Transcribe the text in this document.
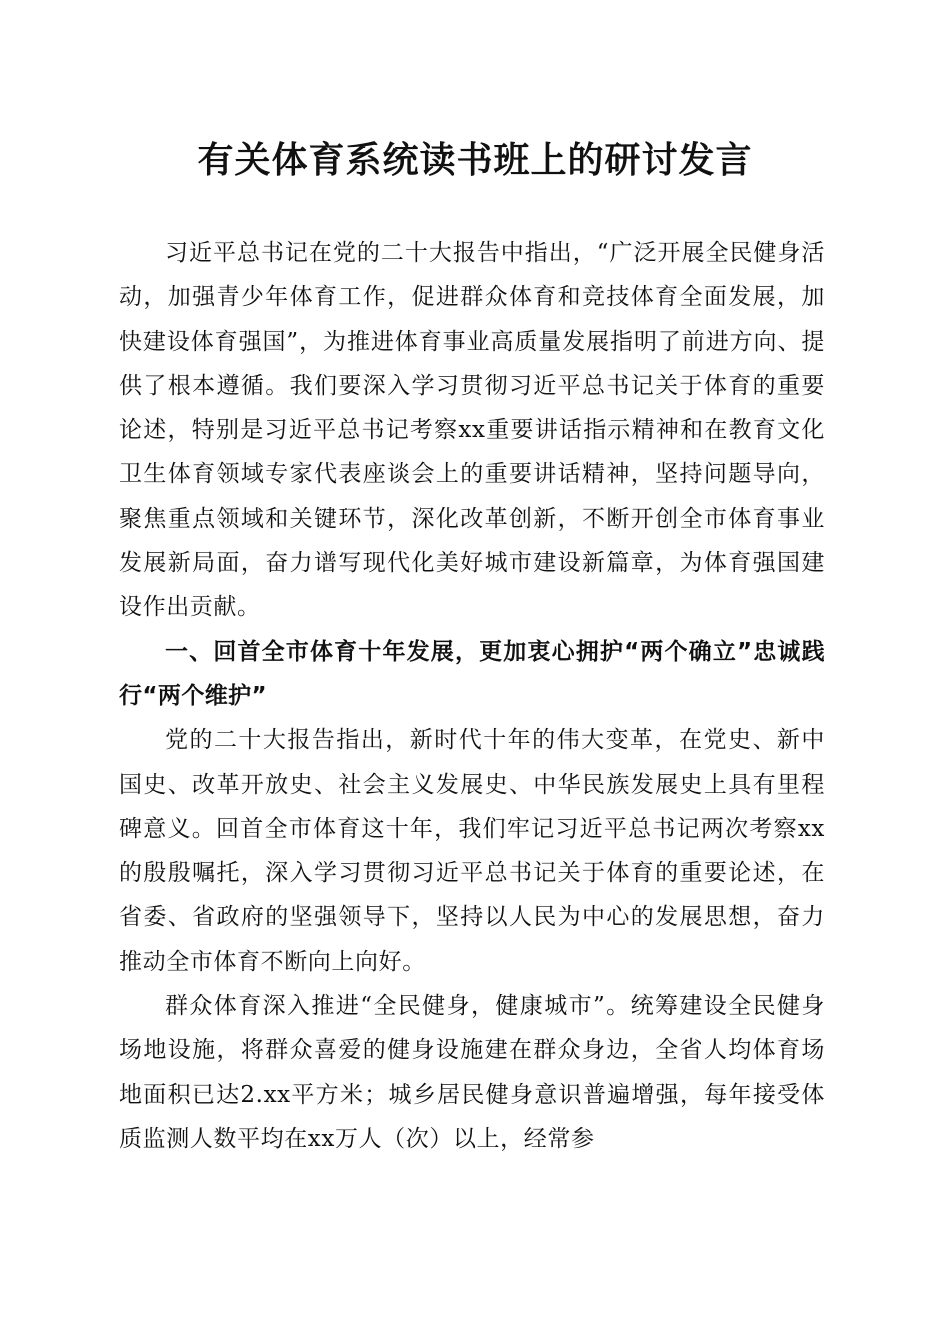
有关体育系统读书班上的研讨发言

习近平总书记在党的二十大报告中指出，“广泛开展全民健身活动，加强青少年体育工作，促进群众体育和竞技体育全面发展，加快建设体育强国”，为推进体育事业高质量发展指明了前进方向、提供了根本遵循。我们要深入学习贯彻习近平总书记关于体育的重要论述，特别是习近平总书记考察xx重要讲话指示精神和在教育文化卫生体育领域专家代表座谈会上的重要讲话精神，坚持问题导向，聚焦重点领域和关键环节，深化改革创新，不断开创全市体育事业发展新局面，奋力谱写现代化美好城市建设新篇章，为体育强国建设作出贡献。

一、回首全市体育十年发展，更加衷心拥护“两个确立”忠诚践行“两个维护”

党的二十大报告指出，新时代十年的伟大变革，在党史、新中国史、改革开放史、社会主义发展史、中华民族发展史上具有里程碑意义。回首全市体育这十年，我们牢记习近平总书记两次考察xx的殷殷嘱托，深入学习贯彻习近平总书记关于体育的重要论述，在省委、省政府的坚强领导下，坚持以人民为中心的发展思想，奋力推动全市体育不断向上向好。

群众体育深入推进“全民健身，健康城市”。统筹建设全民健身场地设施，将群众喜爱的健身设施建在群众身边，全省人均体育场地面积已达2.xx平方米；城乡居民健身意识普遍增强，每年接受体质监测人数平均在xx万人（次）以上，经常参
